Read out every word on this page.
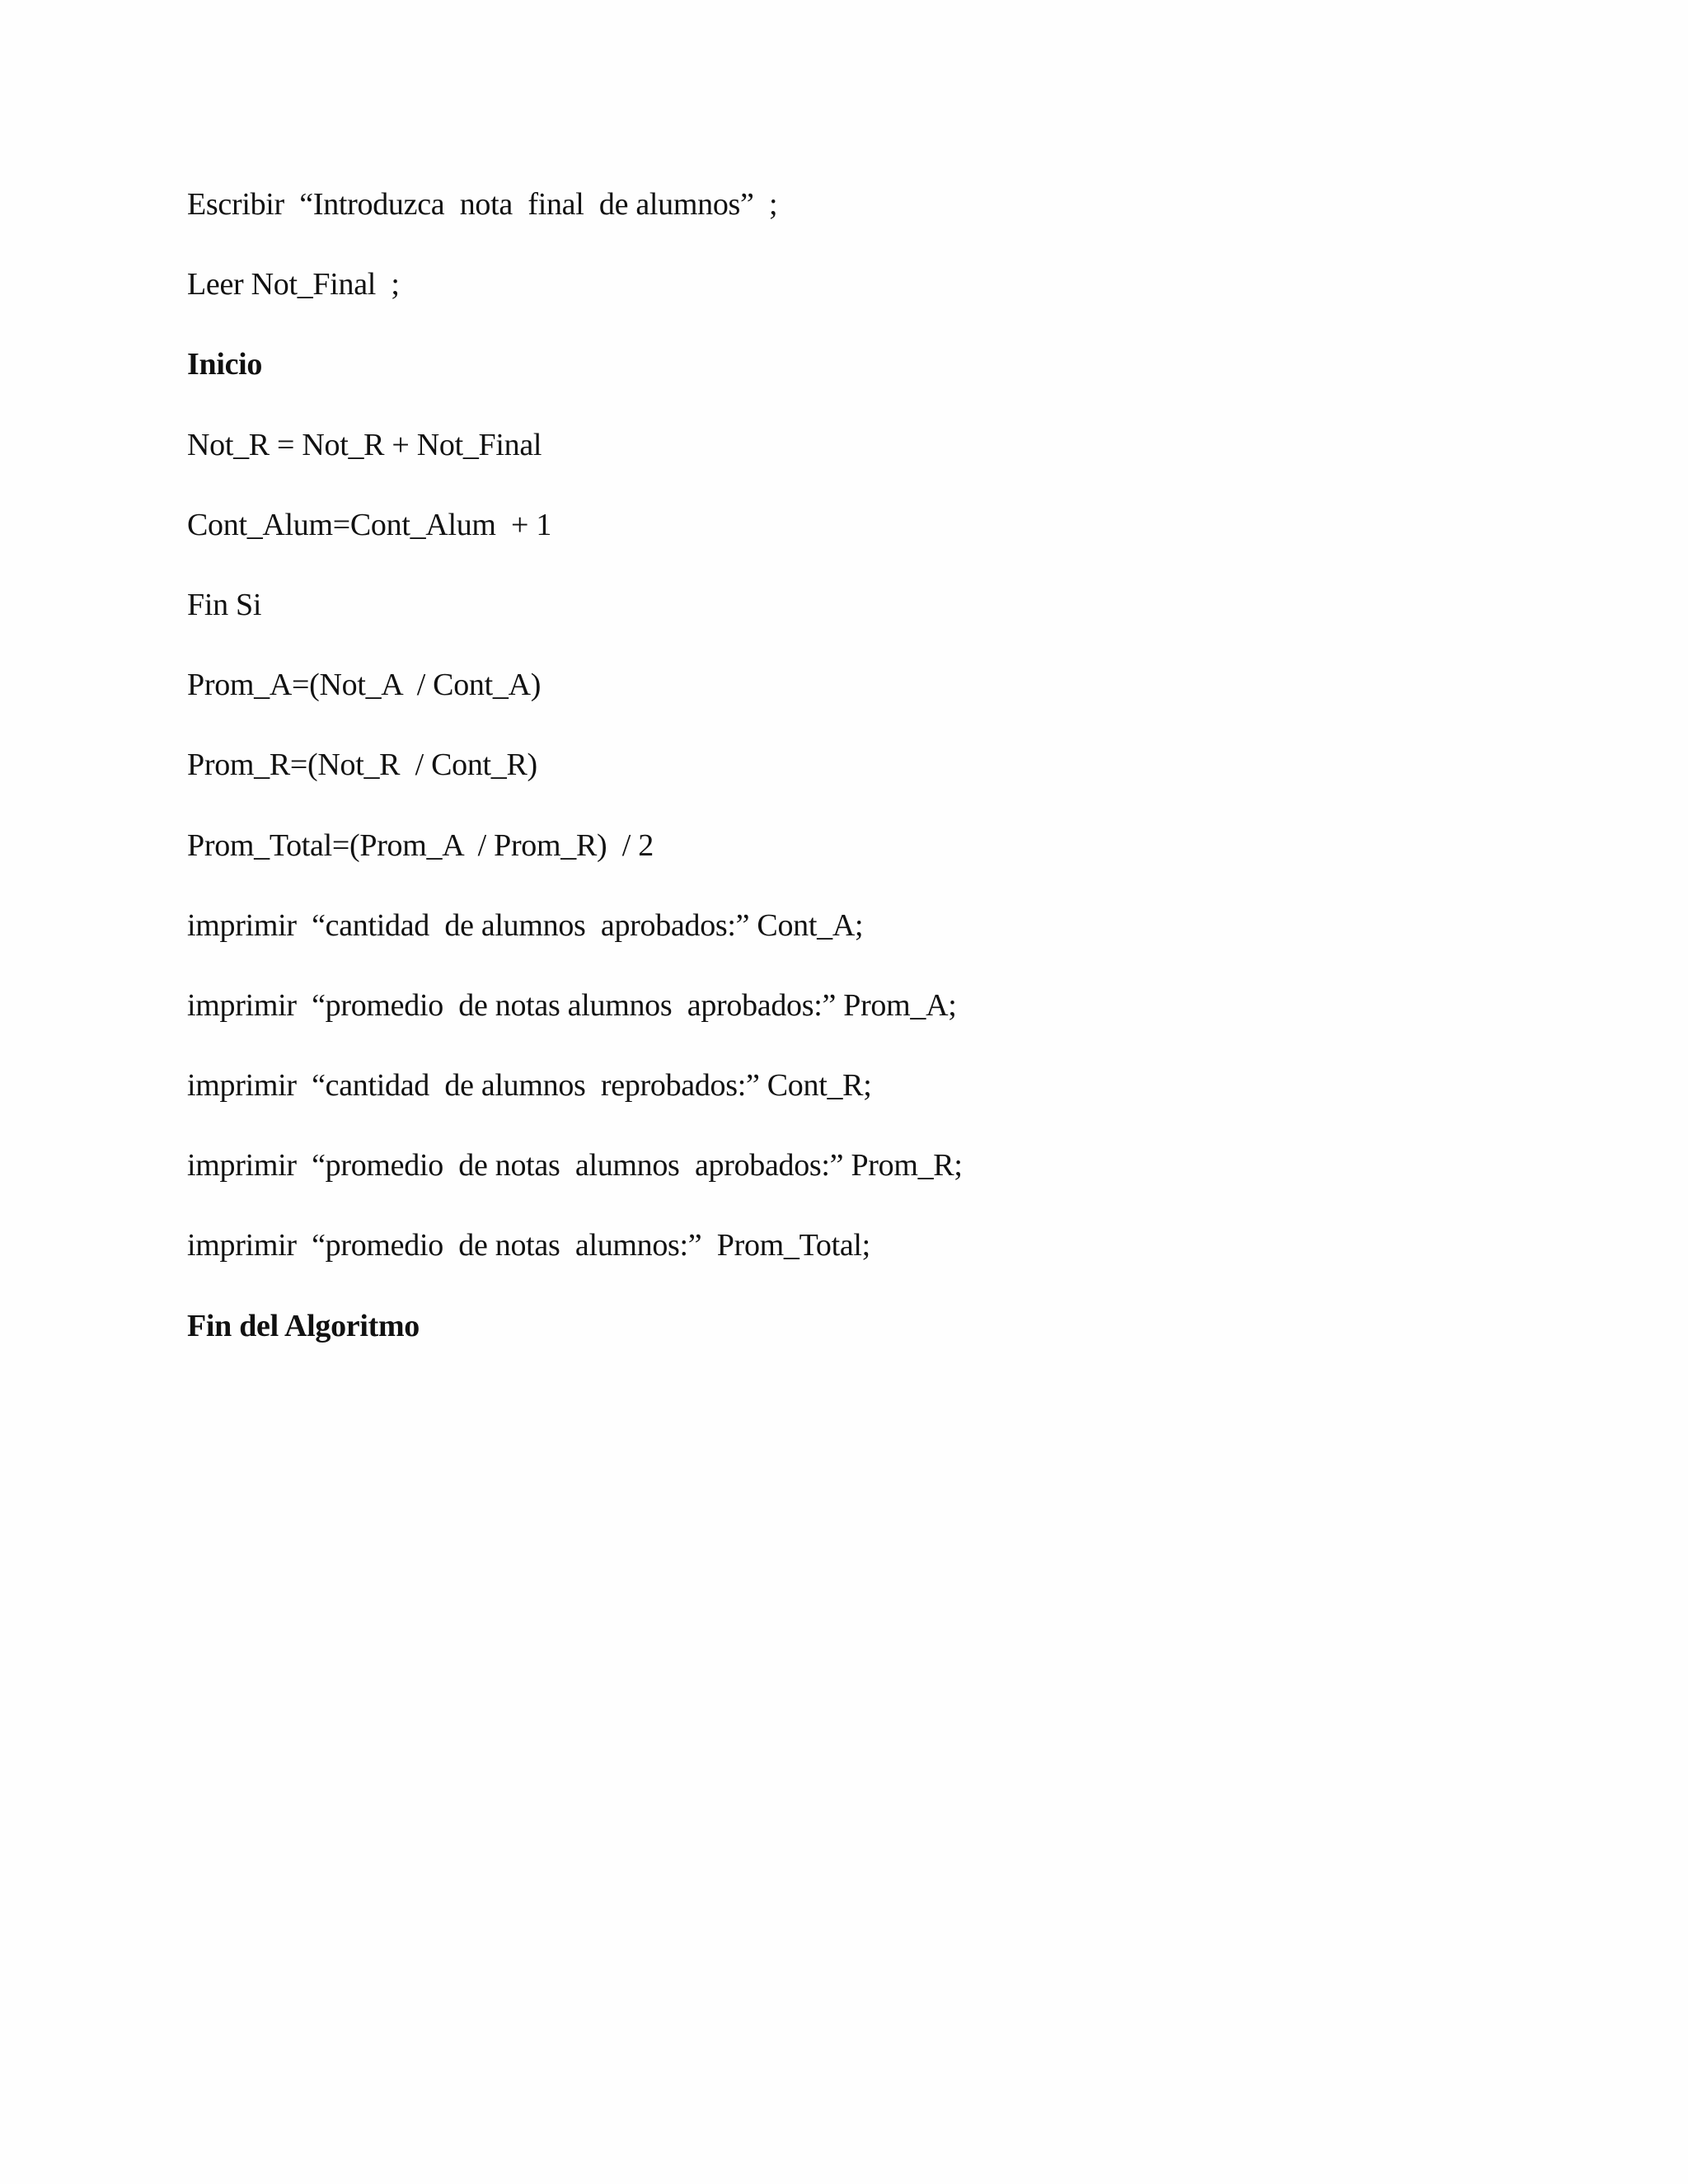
Escribir  “Introduzca  nota  final  de alumnos”  ;
Leer Not_Final  ;
Inicio
Not_R = Not_R + Not_Final
Cont_Alum=Cont_Alum  + 1
Fin Si
Prom_A=(Not_A  / Cont_A)
Prom_R=(Not_R  / Cont_R)
Prom_Total=(Prom_A  / Prom_R)  / 2
imprimir  “cantidad  de alumnos  aprobados:” Cont_A;
imprimir  “promedio  de notas alumnos  aprobados:” Prom_A;
imprimir  “cantidad  de alumnos  reprobados:” Cont_R;
imprimir  “promedio  de notas  alumnos  aprobados:” Prom_R;
imprimir  “promedio  de notas  alumnos:”  Prom_Total;
Fin del Algoritmo
